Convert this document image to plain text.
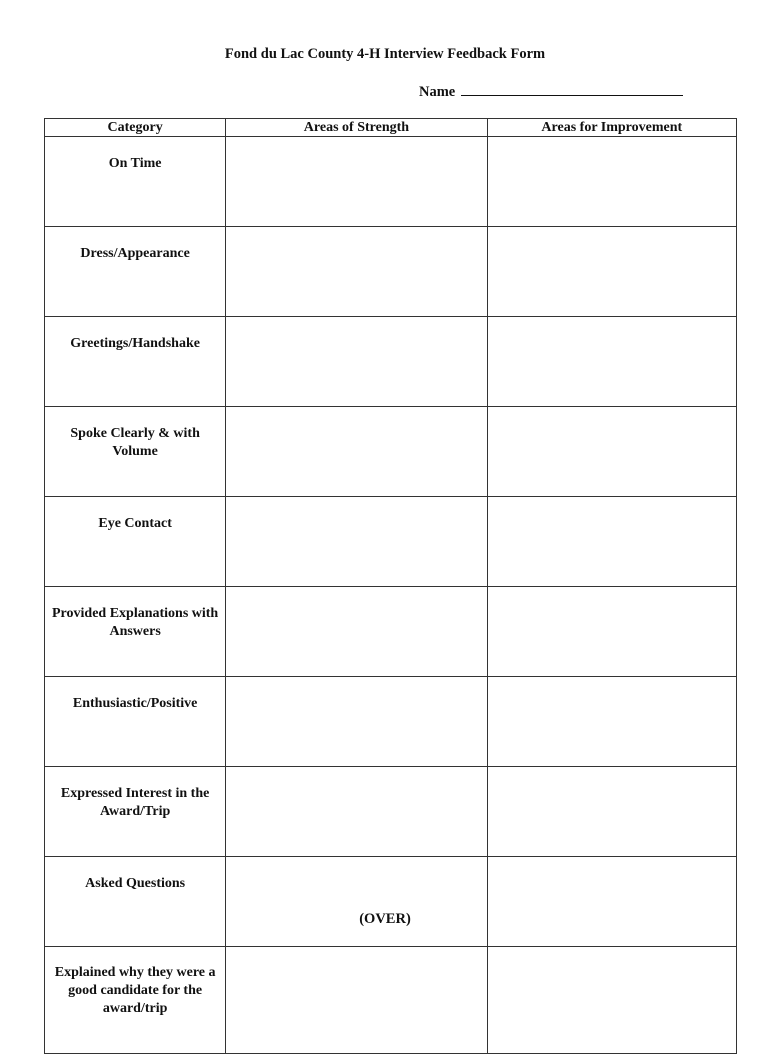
Fond du Lac County 4-H Interview Feedback Form
Name
Category	Areas of Strength	Areas for Improvement
On Time		
Dress/Appearance		
Greetings/Handshake		
Spoke Clearly & with Volume		
Eye Contact		
Provided Explanations with Answers		
Enthusiastic/Positive		
Expressed Interest in the Award/Trip		
Asked Questions		
Explained why they were a good candidate for the award/trip		
(OVER)
